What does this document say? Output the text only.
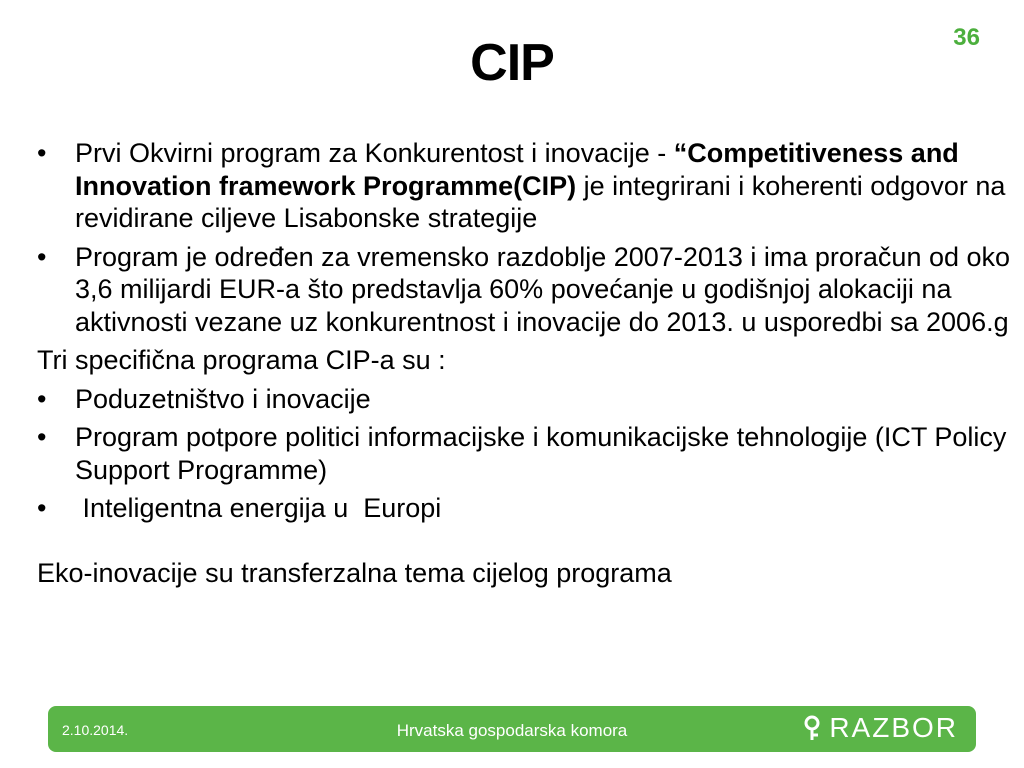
36
CIP
• Prvi Okvirni program za Konkurentost i inovacije - “Competitiveness and Innovation framework Programme(CIP) je integrirani i koherenti odgovor na revidirane ciljeve Lisabonske strategije
• Program je određen za vremensko razdoblje 2007-2013 i ima proračun od oko 3,6 milijardi EUR-a što predstavlja 60% povećanje u godišnjoj alokaciji na aktivnosti vezane uz konkurentnost i inovacije do 2013. u usporedbi sa 2006.g
Tri specifična programa CIP-a su :
• Poduzetništvo i inovacije
• Program potpore politici informacijske i komunikacijske tehnologije (ICT Policy Support Programme)
• Inteligentna energija u  Europi
Eko-inovacije su transferzalna tema cijelog programa
2.10.2014.	Hrvatska gospodarska komora	RAZBOR
